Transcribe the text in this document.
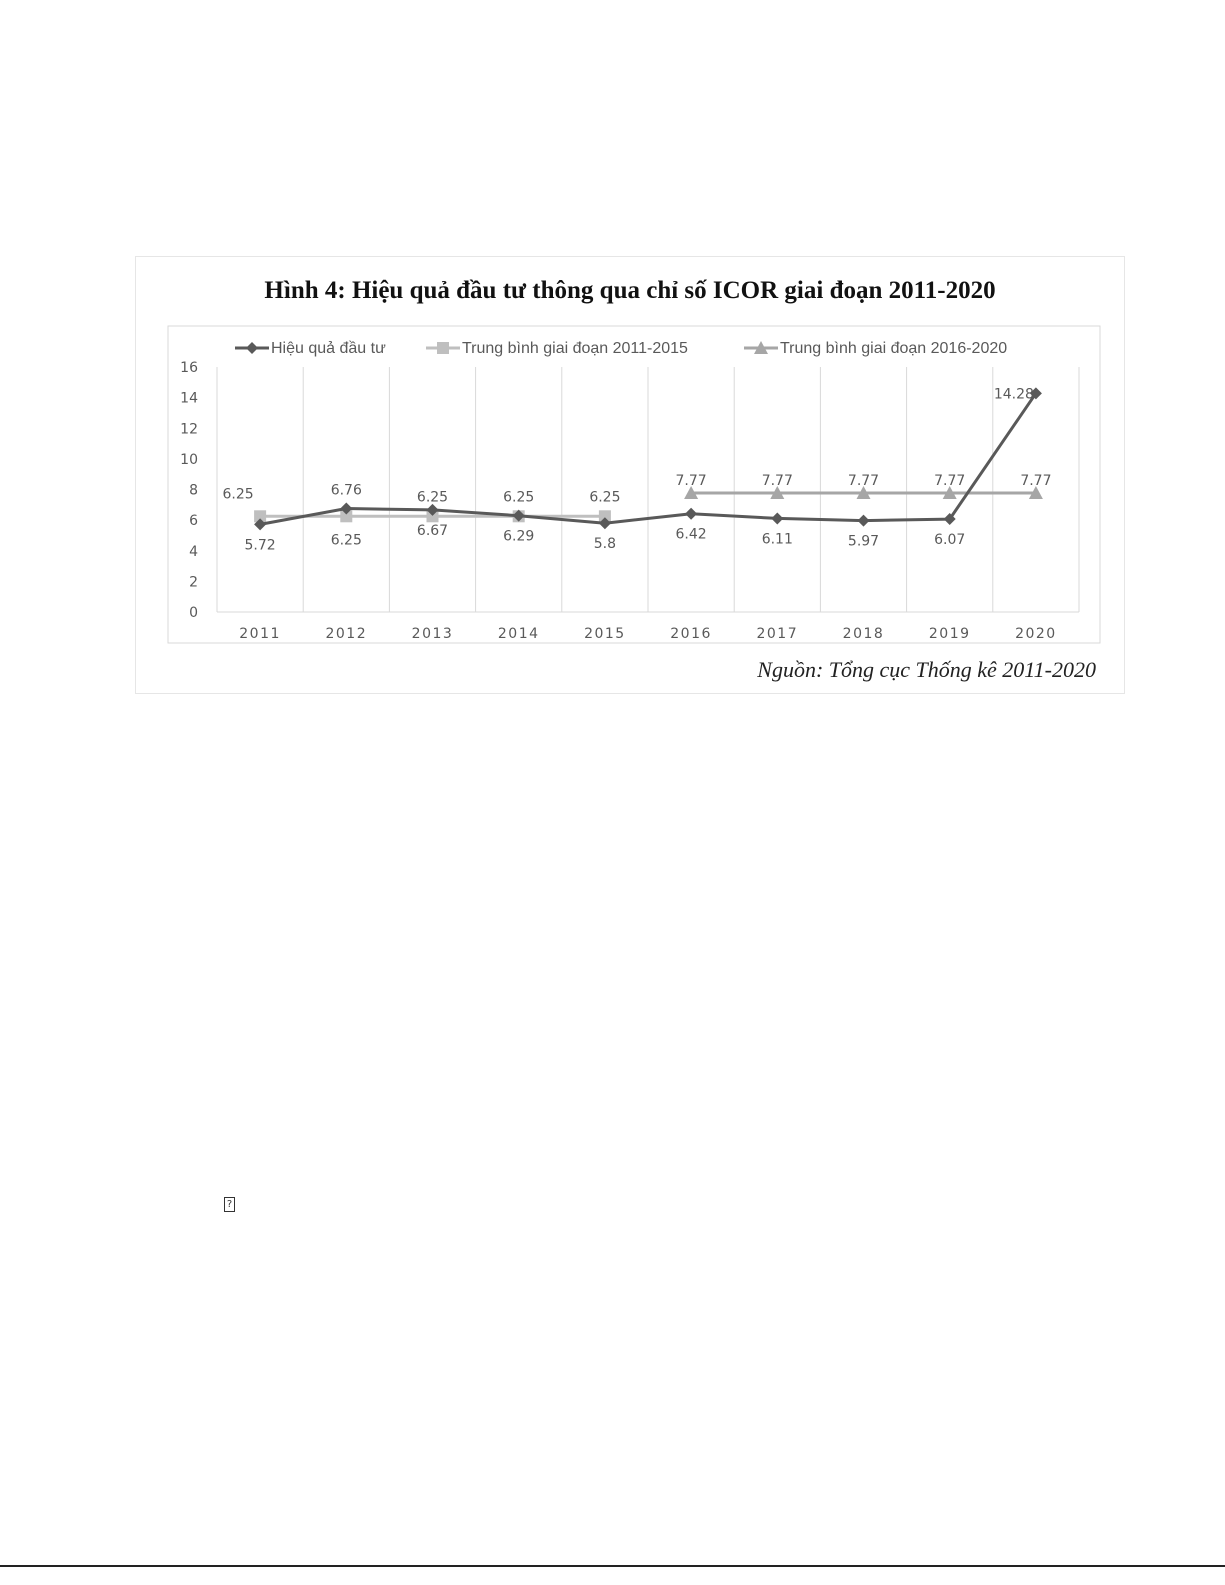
Hình 4: Hiệu quả đầu tư thông qua chỉ số ICOR giai đoạn 2011-2020
0
2
4
6
8
10
12
14
16
2011	2012	2013	2014	2015	2016	2017	2018	2019	2020
5.72
6.76
6.67	6.29	5.8
6.42	6.11	5.97	6.07
14.28
6.25
6.25
6.25	6.25	6.25
7.77	7.77	7.77	7.77	7.77
Hiệu quả đầu tư	Trung bình giai đoạn 2011-2015	Trung bình giai đoạn 2016-2020
Nguồn: Tổng cục Thống kê 2011-2020
?
